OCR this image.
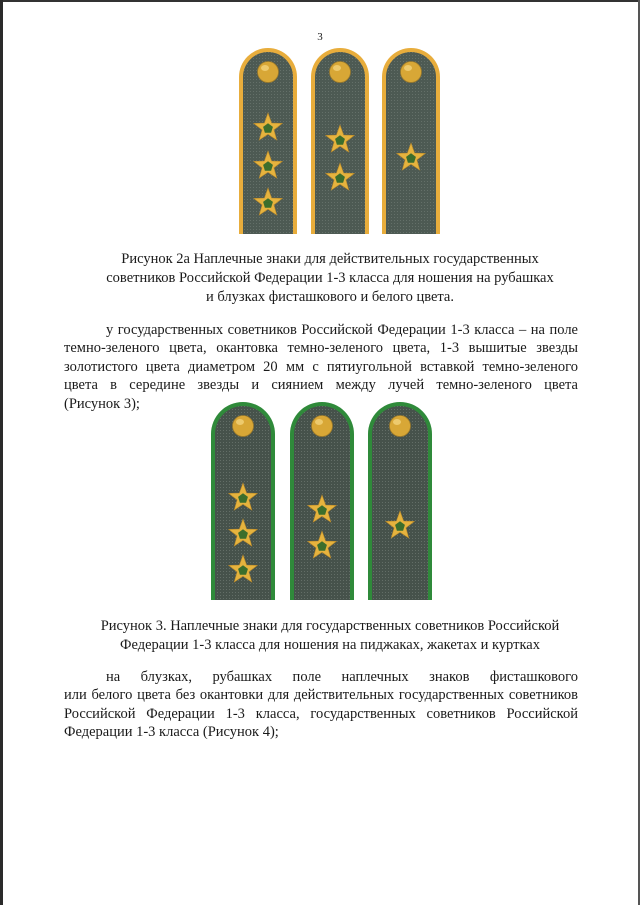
3
Рисунок 2а Наплечные знаки для действительных государственных
советников Российской Федерации 1-3 класса для ношения на рубашках
и блузках фисташкового и белого цвета.
у государственных советников Российской Федерации 1-3 класса – на поле
темно-зеленого цвета, окантовка темно-зеленого цвета, 1-3 вышитые звезды
золотистого цвета диаметром 20 мм с пятиугольной вставкой темно-зеленого
цвета в середине звезды и сиянием между лучей темно-зеленого цвета
(Рисунок 3);
Рисунок 3. Наплечные знаки для государственных советников Российской
Федерации 1-3 класса для ношения на пиджаках, жакетах и куртках
на блузках, рубашках поле наплечных знаков фисташкового
или белого цвета без окантовки для действительных государственных советников
Российской Федерации 1-3 класса, государственных советников Российской
Федерации 1-3 класса (Рисунок 4);
